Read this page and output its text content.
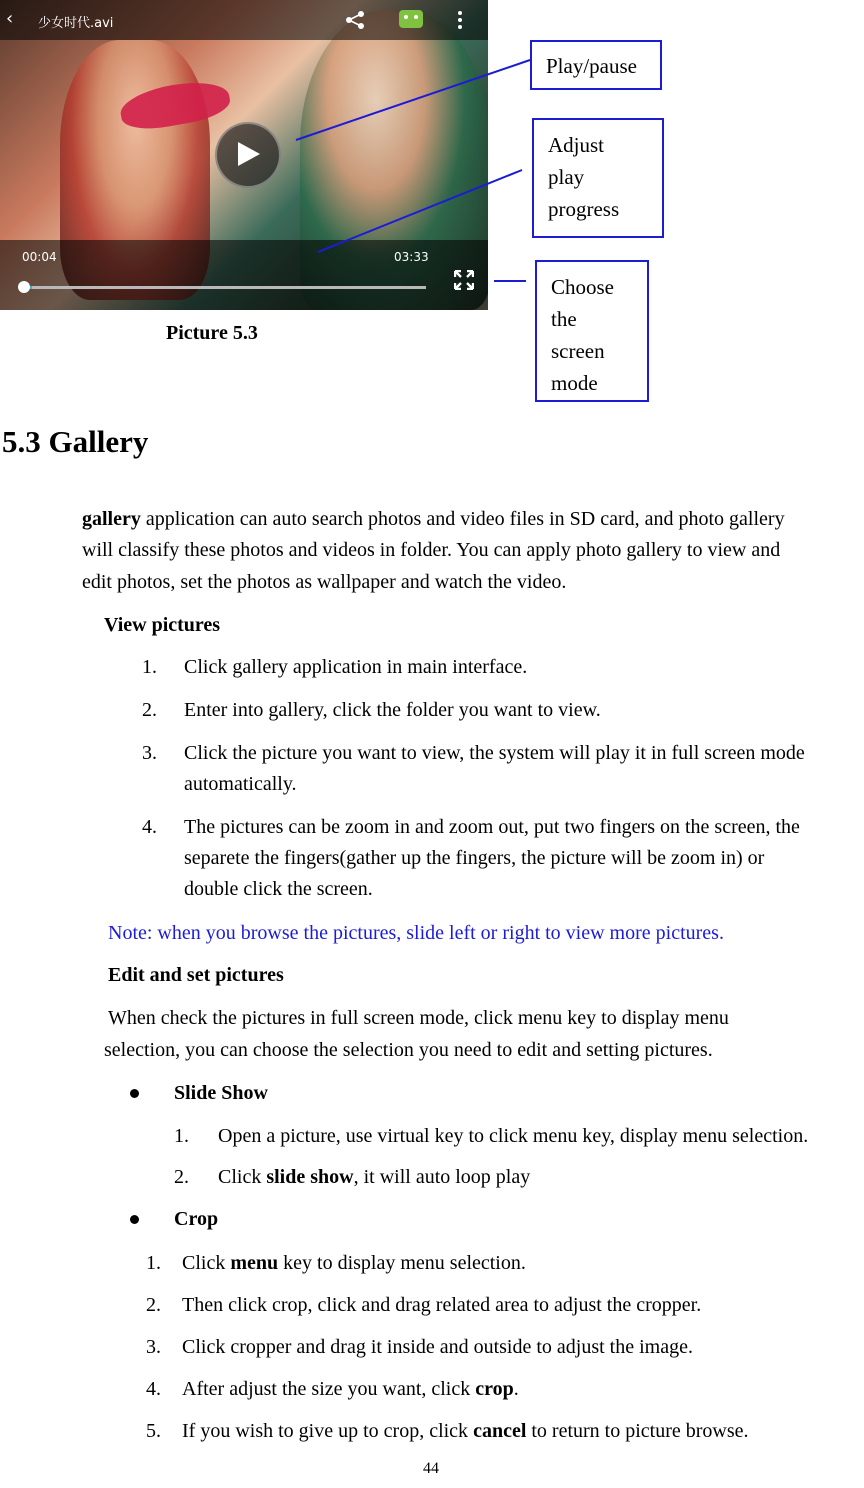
‹ 少女时代.avi
00:04	03:33
Play/pause
Adjust
play
progress
Choose
the
screen
mode
Picture 5.3
5.3 Gallery
gallery application can auto search photos and video files in SD card, and photo gallery
will classify these photos and videos in folder. You can apply photo gallery to view and
edit photos, set the photos as wallpaper and watch the video.
View pictures
1. Click gallery application in main interface.
2. Enter into gallery, click the folder you want to view.
3. Click the picture you want to view, the system will play it in full screen mode
automatically.
4. The pictures can be zoom in and zoom out, put two fingers on the screen, the
separete the fingers(gather up the fingers, the picture will be zoom in) or
double click the screen.
Note: when you browse the pictures, slide left or right to view more pictures.
Edit and set pictures
When check the pictures in full screen mode, click menu key to display menu
selection, you can choose the selection you need to edit and setting pictures.
Slide Show
1. Open a picture, use virtual key to click menu key, display menu selection.
2. Click slide show, it will auto loop play
Crop
1. Click menu key to display menu selection.
2. Then click crop, click and drag related area to adjust the cropper.
3. Click cropper and drag it inside and outside to adjust the image.
4. After adjust the size you want, click crop.
5. If you wish to give up to crop, click cancel to return to picture browse.
44
